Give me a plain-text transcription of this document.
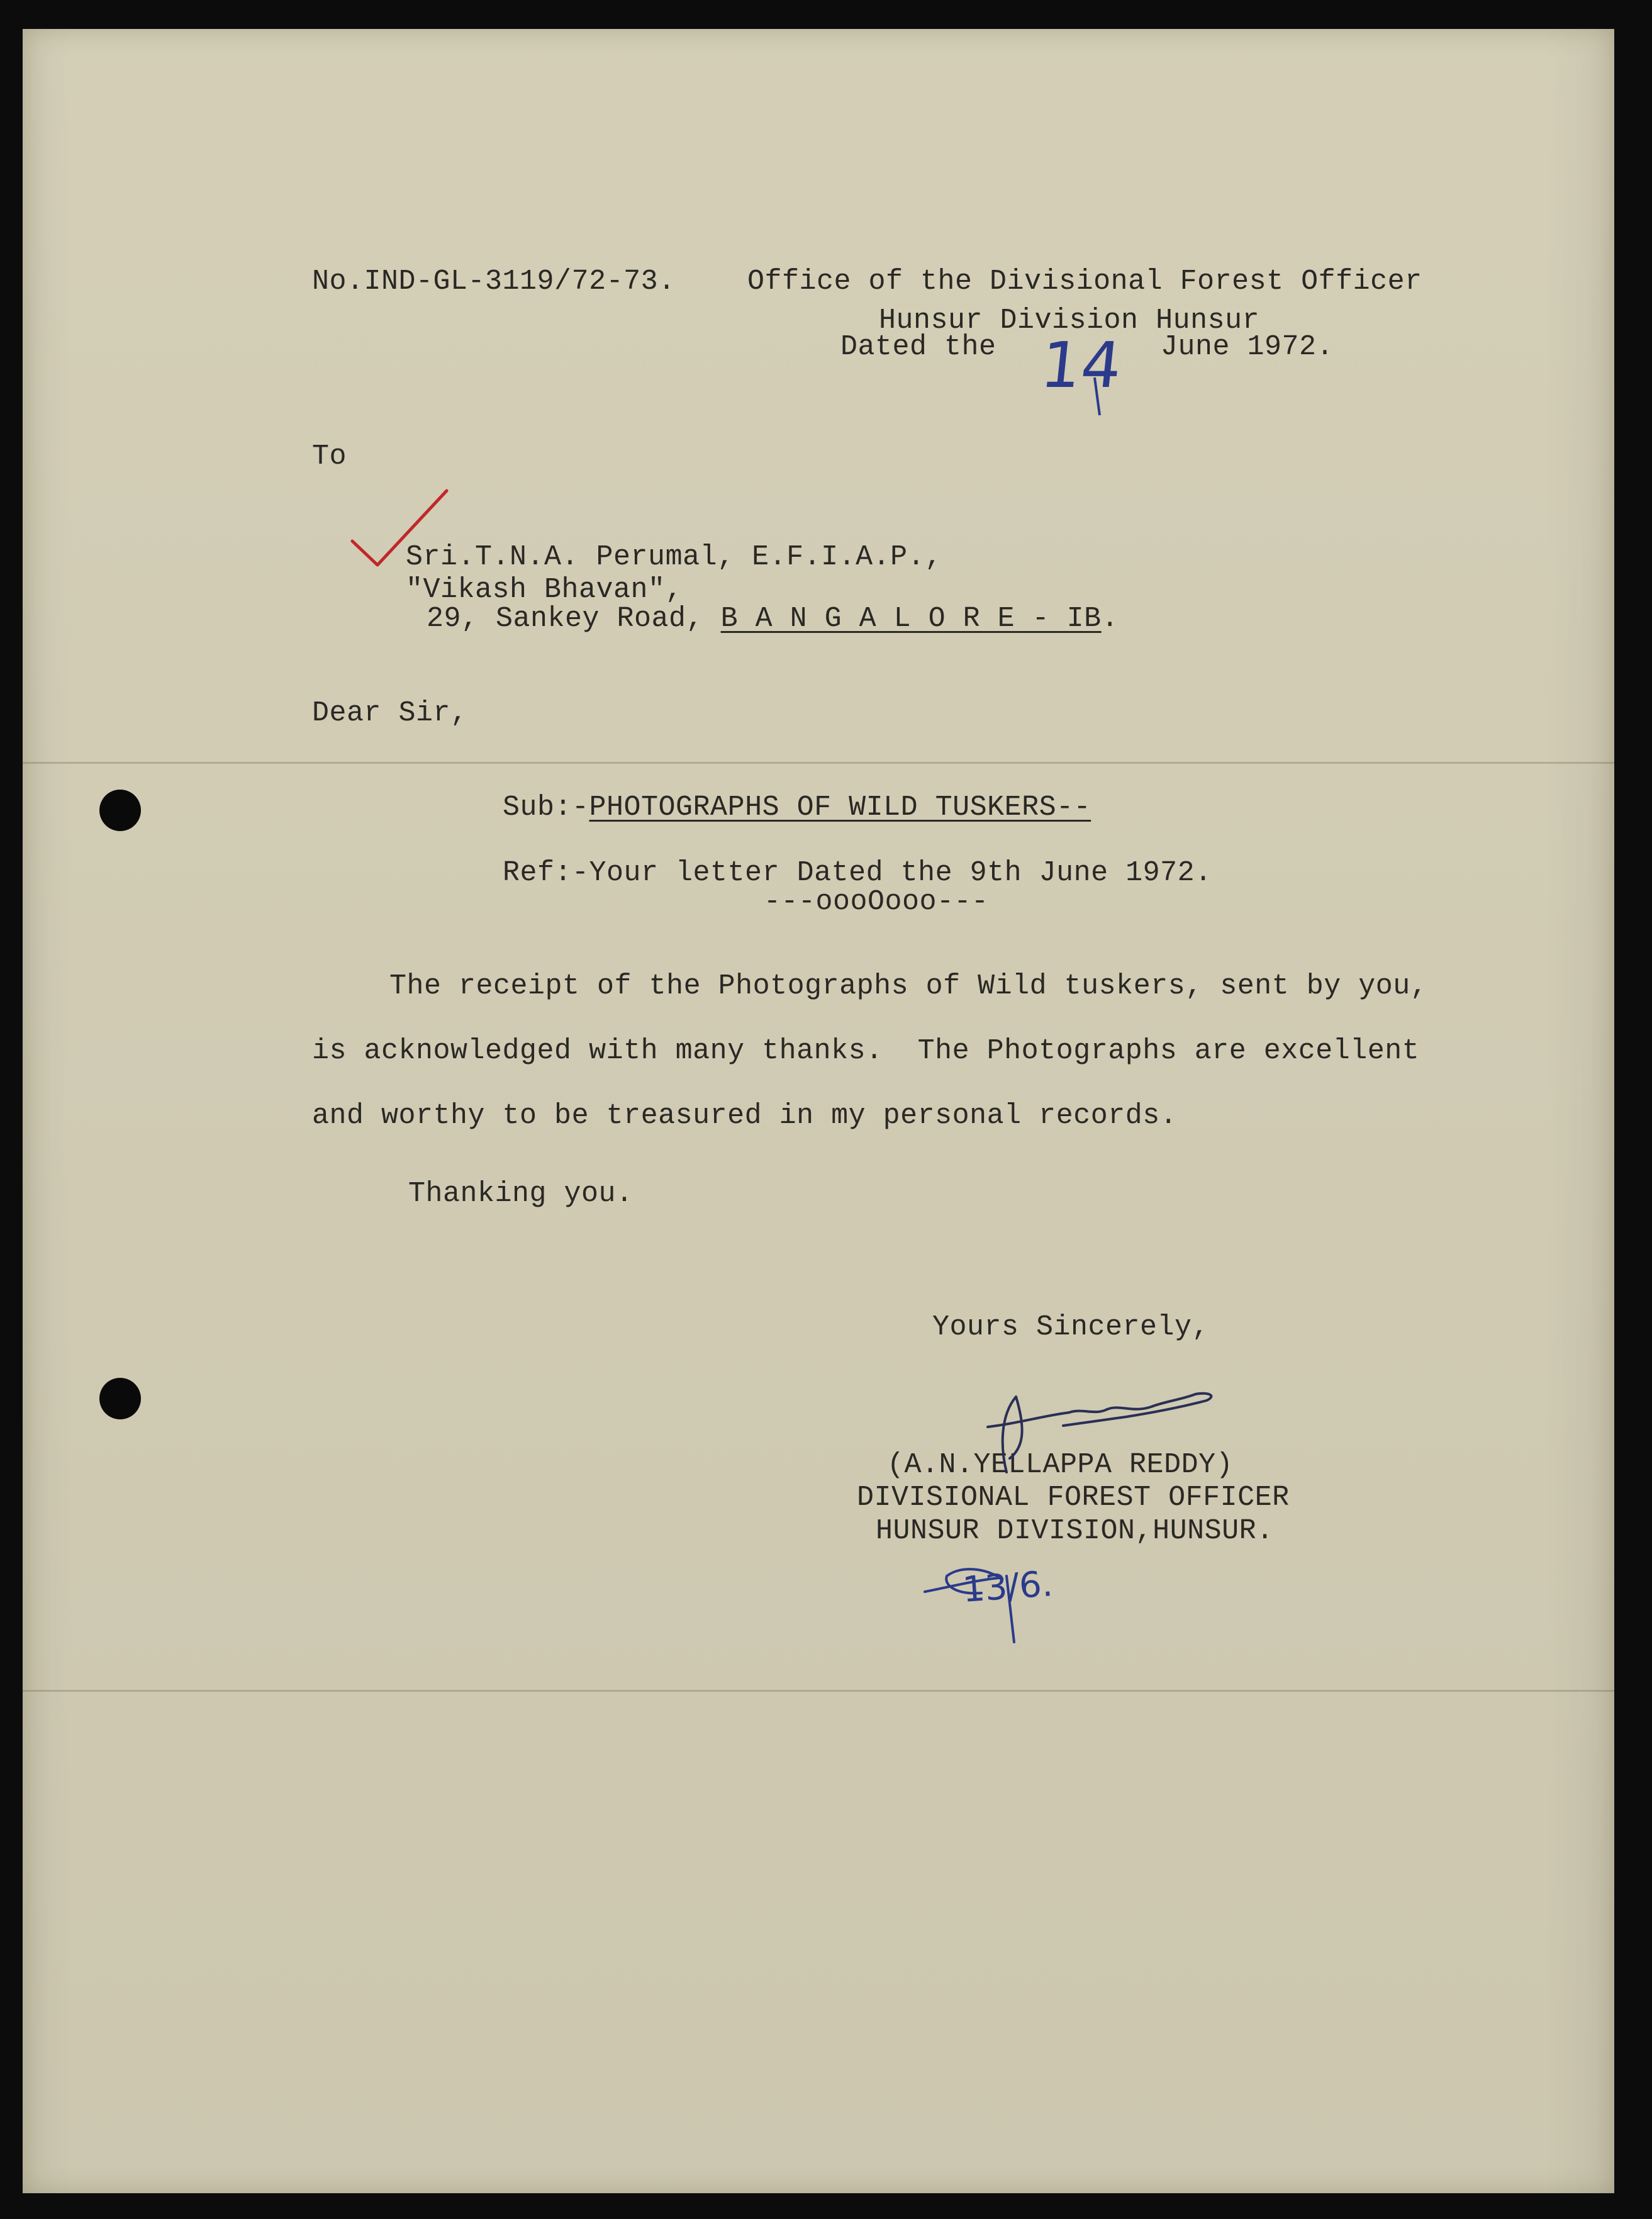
No.IND-GL-3119/72-73.	Office of the Divisional Forest Officer
Hunsur Division Hunsur
Dated the 14 June 1972.
To
Sri.T.N.A. Perumal, E.F.I.A.P.,
"Vikash Bhavan",
29, Sankey Road, B A N G A L O R E - IB.
Dear Sir,
Sub:-PHOTOGRAPHS OF WILD TUSKERS--
Ref:-Your letter Dated the 9th June 1972.
---oooOooo---
The receipt of the Photographs of Wild tuskers, sent by you,
is acknowledged with many thanks.  The Photographs are excellent
and worthy to be treasured in my personal records.
Thanking you.
Yours Sincerely,
(A.N.YELLAPPA REDDY)
DIVISIONAL FOREST OFFICER
HUNSUR DIVISION,HUNSUR.
13/6.
